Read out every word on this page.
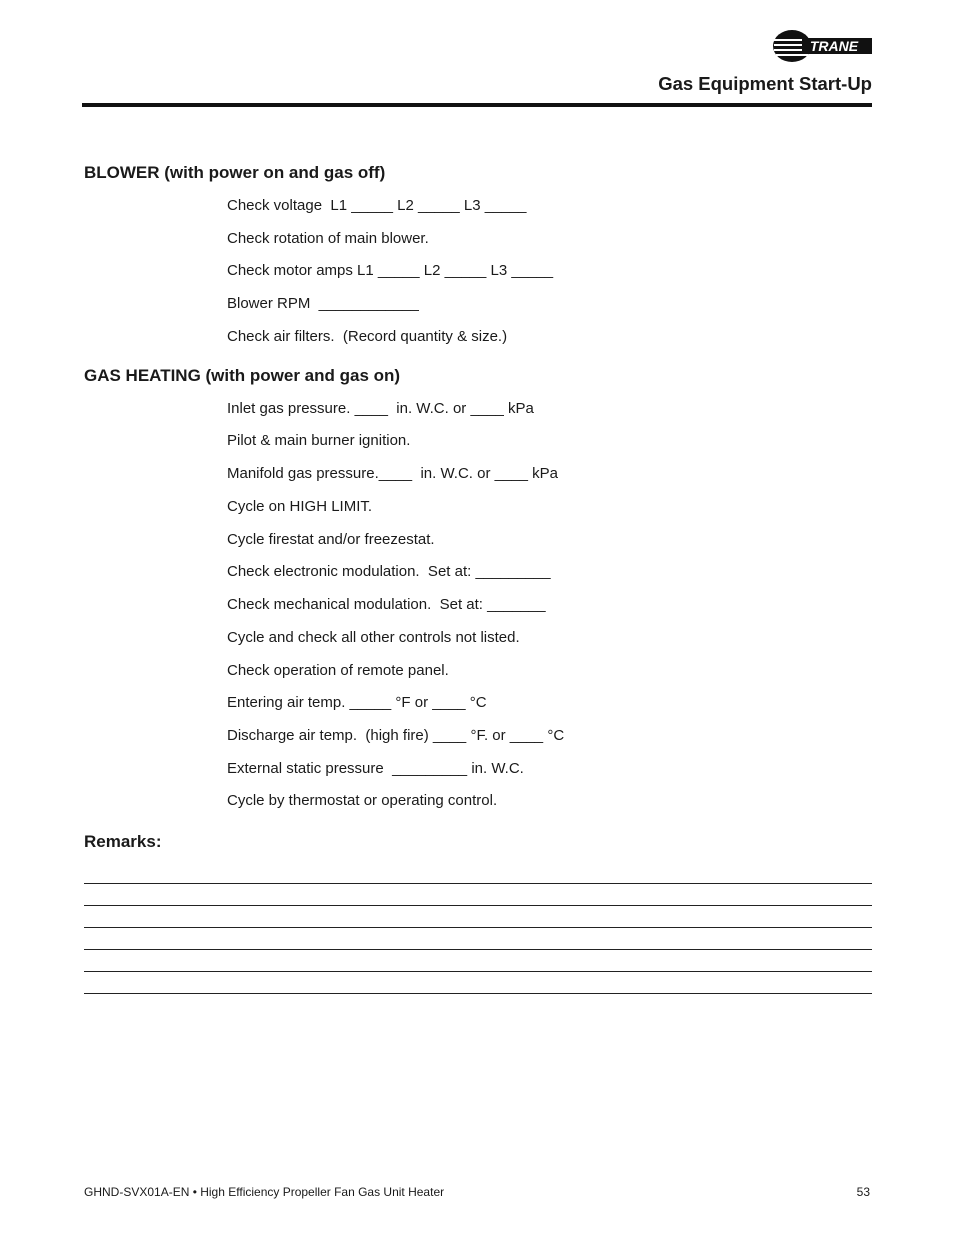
TRANE
Gas Equipment Start-Up
BLOWER (with power on and gas off)
Check voltage  L1 _____ L2 _____ L3 _____
Check rotation of main blower.
Check motor amps L1 _____ L2 _____ L3 _____
Blower RPM  ____________
Check air filters.  (Record quantity & size.)
GAS HEATING (with power and gas on)
Inlet gas pressure. ____  in. W.C. or ____ kPa
Pilot & main burner ignition.
Manifold gas pressure.____  in. W.C. or ____ kPa
Cycle on HIGH LIMIT.
Cycle firestat and/or freezestat.
Check electronic modulation.  Set at: _________
Check mechanical modulation.  Set at: _______
Cycle and check all other controls not listed.
Check operation of remote panel.
Entering air temp. _____ °F or ____ °C
Discharge air temp.  (high fire) ____ °F. or ____ °C
External static pressure  _________ in. W.C.
Cycle by thermostat or operating control.
Remarks:
GHND-SVX01A-EN • High Efficiency Propeller Fan Gas Unit Heater	53
